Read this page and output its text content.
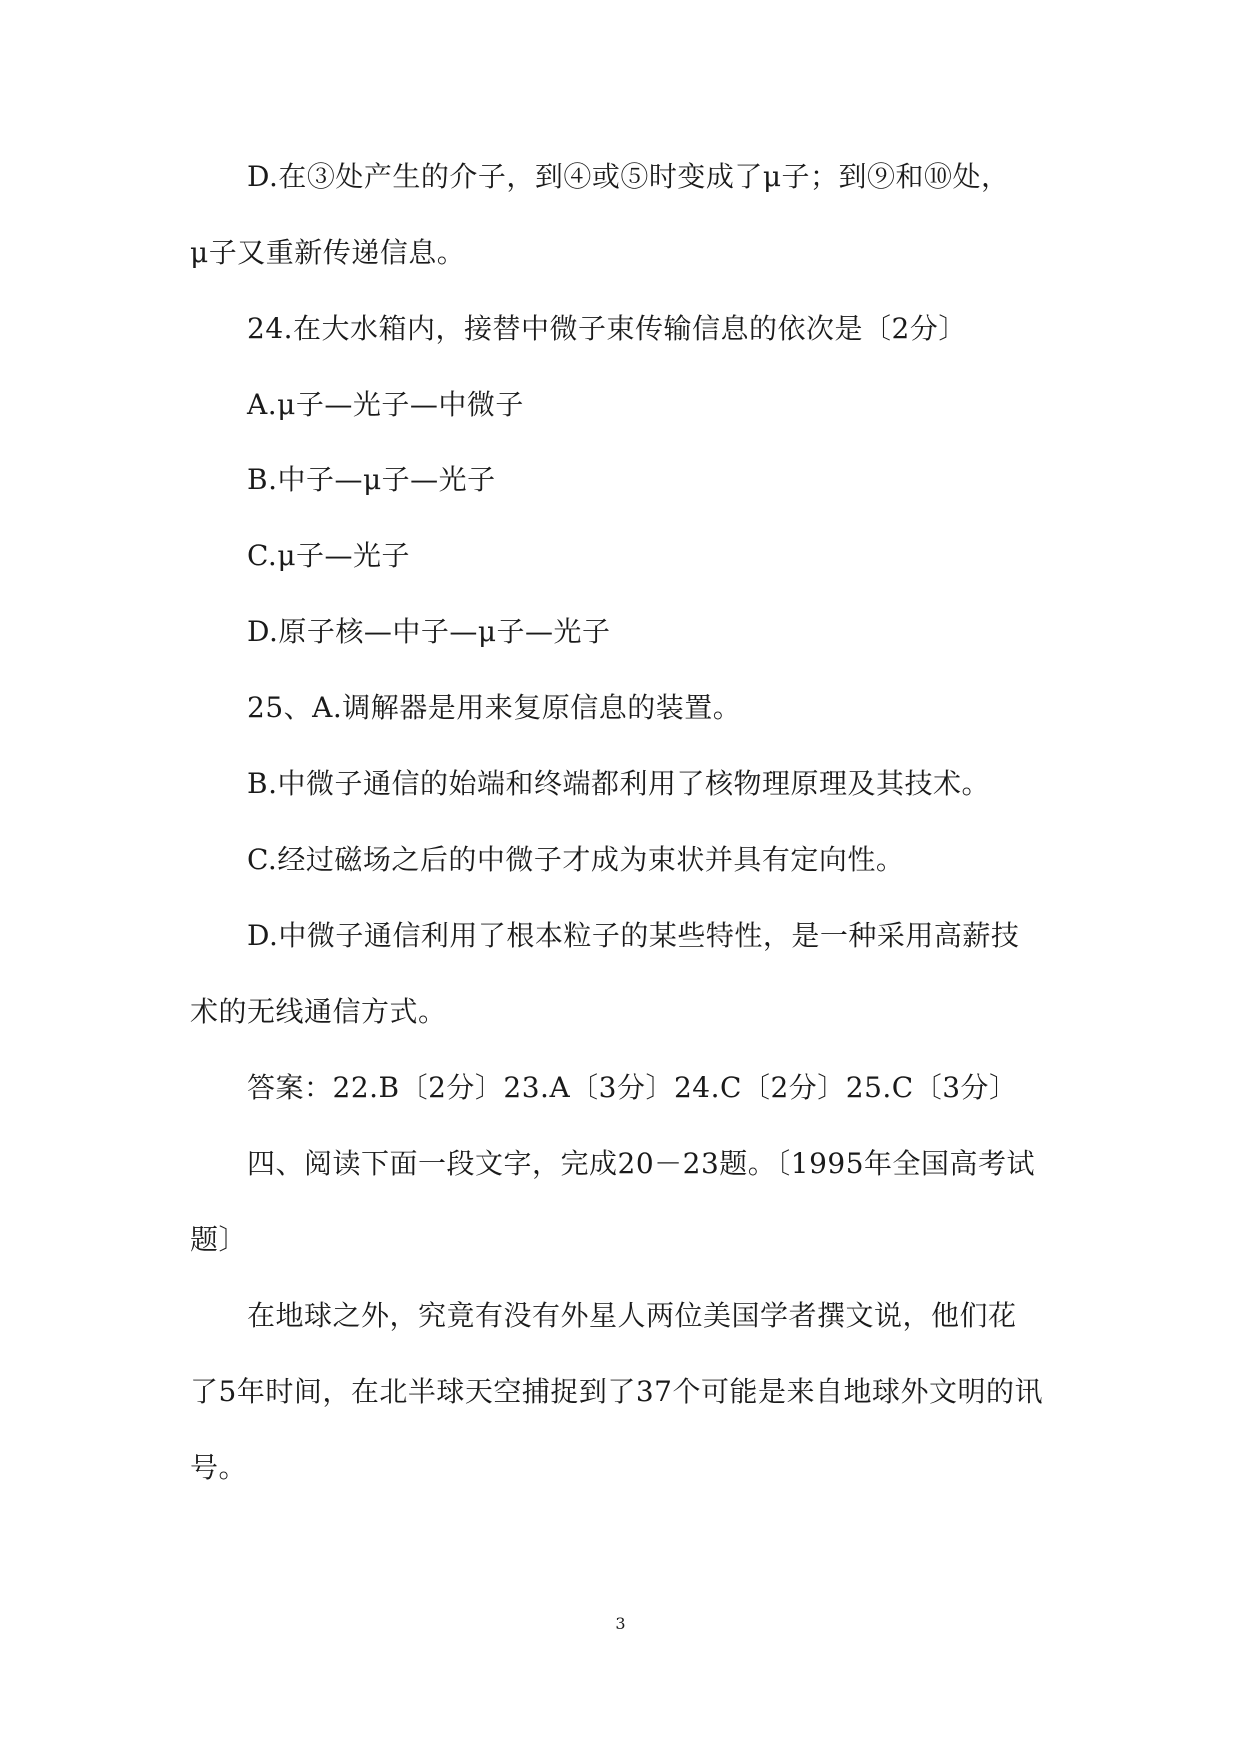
D.在③处产生的介子，到④或⑤时变成了μ子；到⑨和⑩处，
μ子又重新传递信息。
24.在大水箱内，接替中微子束传输信息的依次是〔2分〕
A.μ子—光子—中微子
B.中子—μ子—光子
C.μ子—光子
D.原子核—中子—μ子—光子
25、A.调解器是用来复原信息的装置。
B.中微子通信的始端和终端都利用了核物理原理及其技术。
C.经过磁场之后的中微子才成为束状并具有定向性。
D.中微子通信利用了根本粒子的某些特性，是一种采用高薪技
术的无线通信方式。
答案：22.B〔2分〕23.A〔3分〕24.C〔2分〕25.C〔3分〕
四、阅读下面一段文字，完成20－23题。〔1995年全国高考试
题〕
在地球之外，究竟有没有外星人两位美国学者撰文说，他们花
了5年时间，在北半球天空捕捉到了37个可能是来自地球外文明的讯
号。
3
